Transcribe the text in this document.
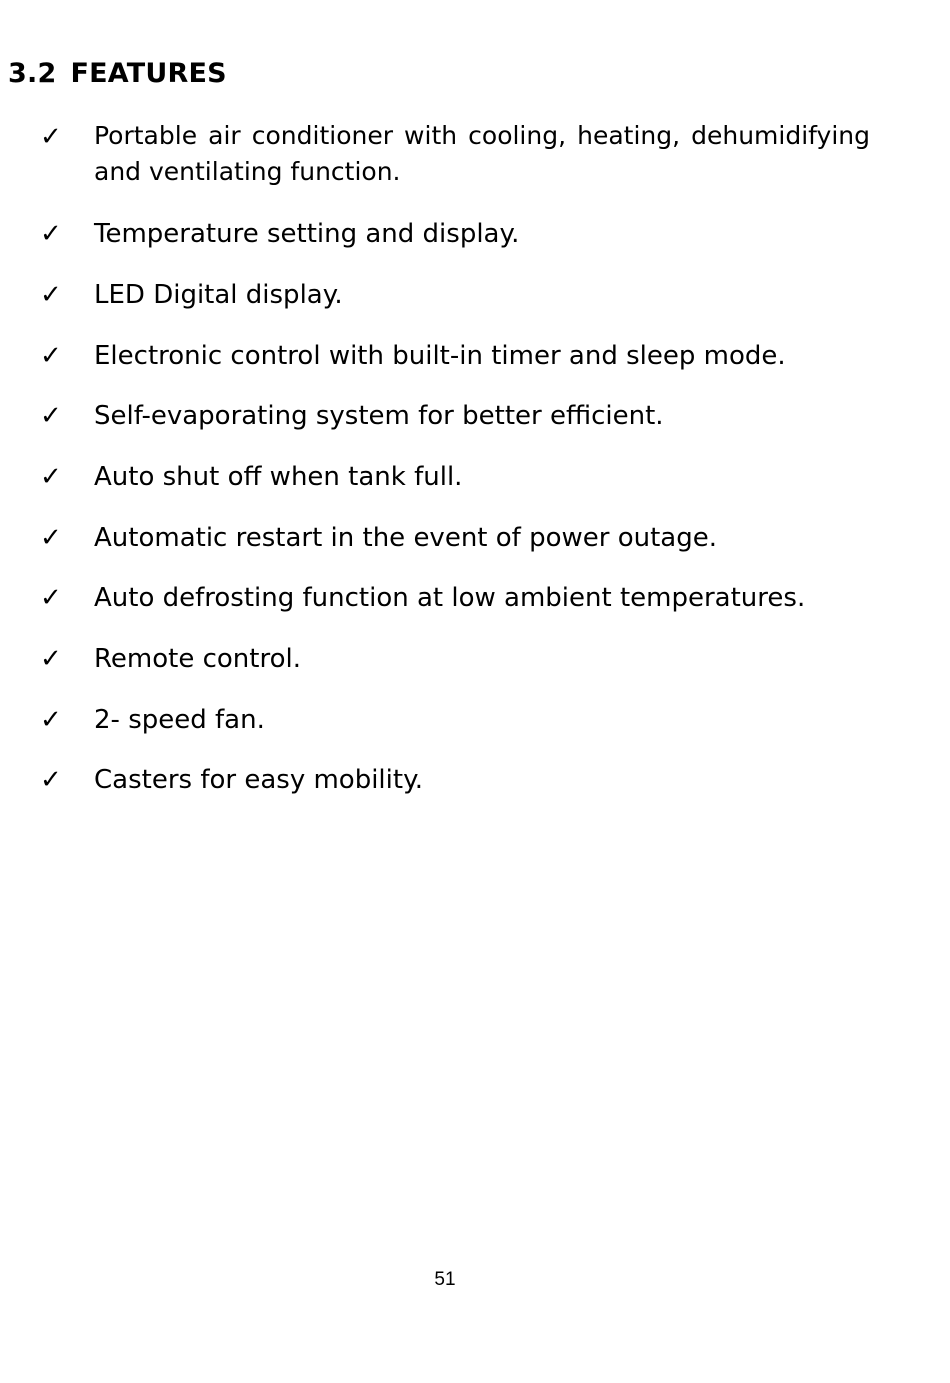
3.2 FEATURES
✓ Portable air conditioner with cooling, heating, dehumidifying and ventilating function.
✓ Temperature setting and display.
✓ LED Digital display.
✓ Electronic control with built-in timer and sleep mode.
✓ Self-evaporating system for better efficient.
✓ Auto shut off when tank full.
✓ Automatic restart in the event of power outage.
✓ Auto defrosting function at low ambient temperatures.
✓ Remote control.
✓ 2- speed fan.
✓ Casters for easy mobility.
51
